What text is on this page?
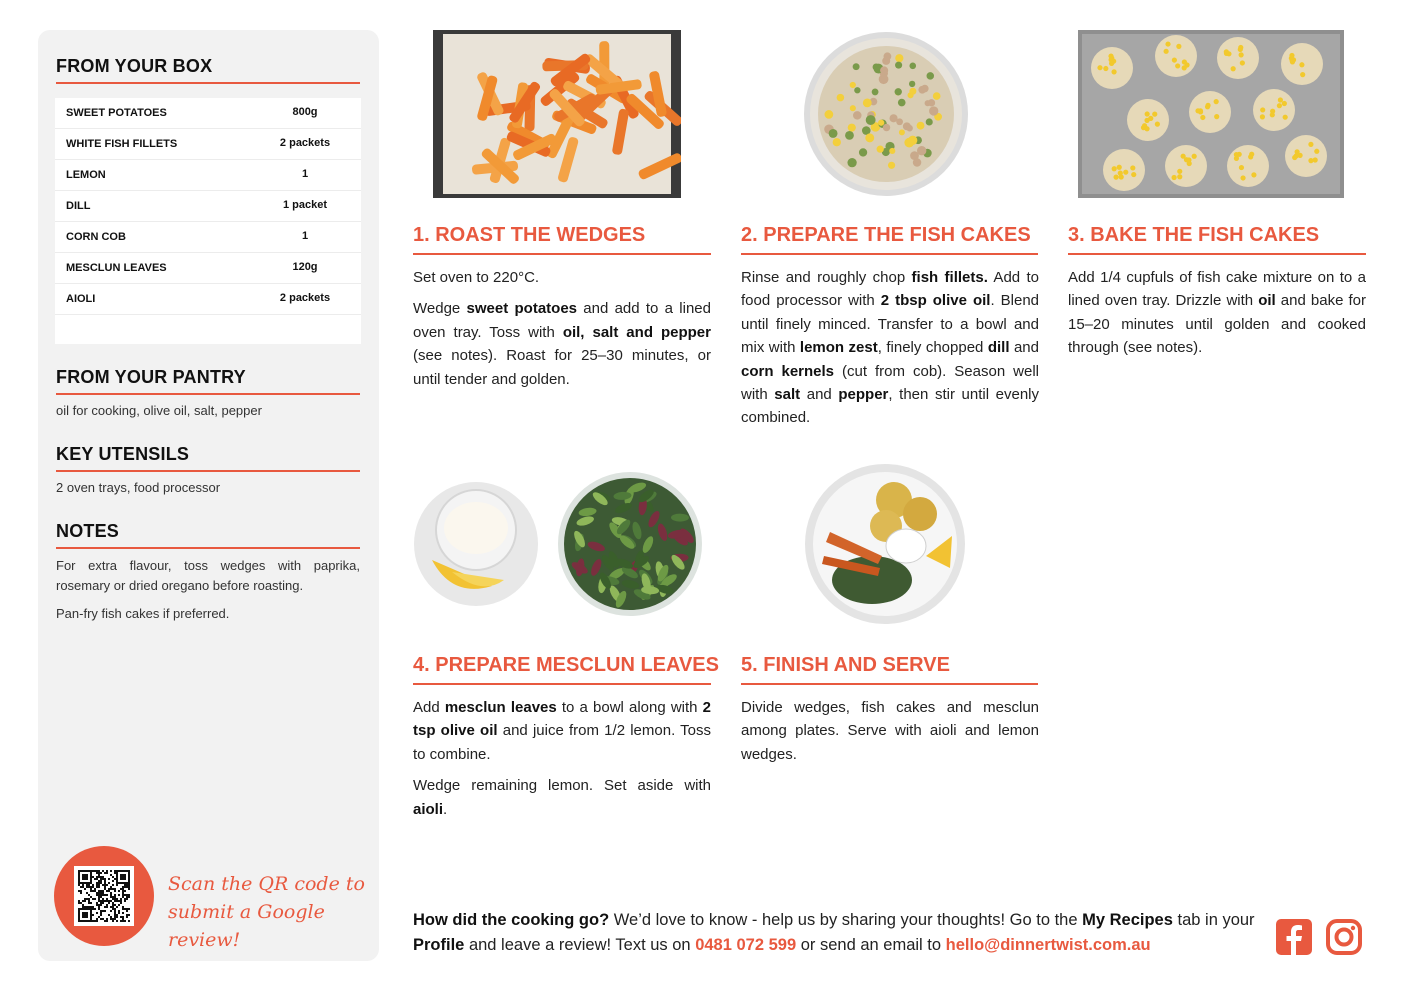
FROM YOUR BOX
SWEET POTATOES	800g
WHITE FISH FILLETS	2 packets
LEMON	1
DILL	1 packet
CORN COB	1
MESCLUN LEAVES	120g
AIOLI	2 packets
FROM YOUR PANTRY
oil for cooking, olive oil, salt, pepper
KEY UTENSILS
2 oven trays, food processor
NOTES
For extra flavour, toss wedges with paprika, rosemary or dried oregano before roasting.
Pan-fry fish cakes if preferred.
Scan the QR code to
submit a Google review!
1. ROAST THE WEDGES

Set oven to 220°C.

Wedge sweet potatoes and add to a lined oven tray. Toss with oil, salt and pepper (see notes). Roast for 25–30 minutes, or until tender and golden.

2. PREPARE THE FISH CAKES

Rinse and roughly chop fish fillets. Add to food processor with 2 tbsp olive oil. Blend until finely minced. Transfer to a bowl and mix with lemon zest, finely chopped dill and corn kernels (cut from cob). Season well with salt and pepper, then stir until evenly combined.

3. BAKE THE FISH CAKES

Add 1/4 cupfuls of fish cake mixture on to a lined oven tray. Drizzle with oil and bake for 15–20 minutes until golden and cooked through (see notes).

4. PREPARE MESCLUN LEAVES

Add mesclun leaves to a bowl along with 2 tsp olive oil and juice from 1/2 lemon. Toss to combine.

Wedge remaining lemon. Set aside with aioli.

5. FINISH AND SERVE

Divide wedges, fish cakes and mesclun among plates. Serve with aioli and lemon wedges.

How did the cooking go? We’d love to know - help us by sharing your thoughts! Go to the My Recipes tab in your Profile and leave a review! Text us on 0481 072 599 or send an email to hello@dinnertwist.com.au
